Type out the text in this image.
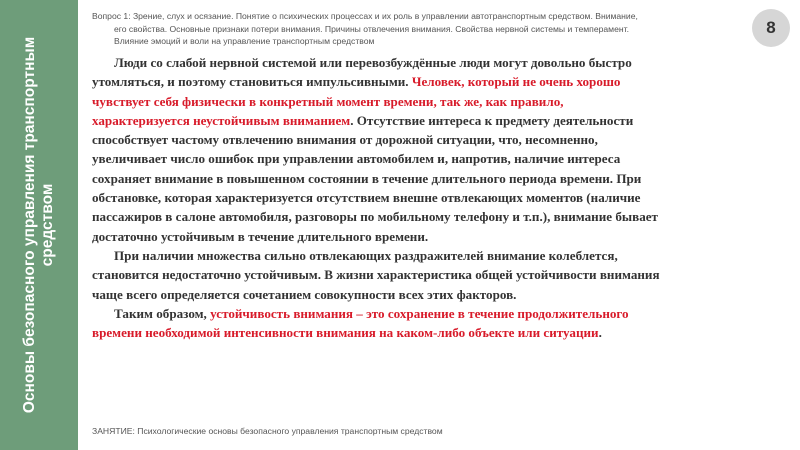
Основы безопасного управления транспортным средством
Вопрос 1: Зрение, слух и осязание. Понятие о психических процессах и их роль в управлении автотранспортным средством. Внимание,
его свойства. Основные признаки потери внимания. Причины отвлечения внимания. Свойства нервной системы и темперамент.
Влияние эмоций и воли на управление транспортным средством
8
Люди со слабой нервной системой или перевозбуждённые люди могут довольно быстро
утомляться, и поэтому становиться импульсивными. Человек, который не очень хорошо
чувствует себя физически в конкретный момент времени, так же, как правило,
характеризуется неустойчивым вниманием. Отсутствие интереса к предмету деятельности
способствует частому отвлечению внимания от дорожной ситуации, что, несомненно,
увеличивает число ошибок при управлении автомобилем и, напротив, наличие интереса
сохраняет внимание в повышенном состоянии в течение длительного периода времени. При
обстановке, которая характеризуется отсутствием внешне отвлекающих моментов (наличие
пассажиров в салоне автомобиля, разговоры по мобильному телефону и т.п.), внимание бывает
достаточно устойчивым в течение длительного времени.
При наличии множества сильно отвлекающих раздражителей внимание колеблется,
становится недостаточно устойчивым. В жизни характеристика общей устойчивости внимания
чаще всего определяется сочетанием совокупности всех этих факторов.
Таким образом, устойчивость внимания – это сохранение в течение продолжительного
времени необходимой интенсивности внимания на каком-либо объекте или ситуации.
ЗАНЯТИЕ: Психологические основы безопасного управления транспортным средством
